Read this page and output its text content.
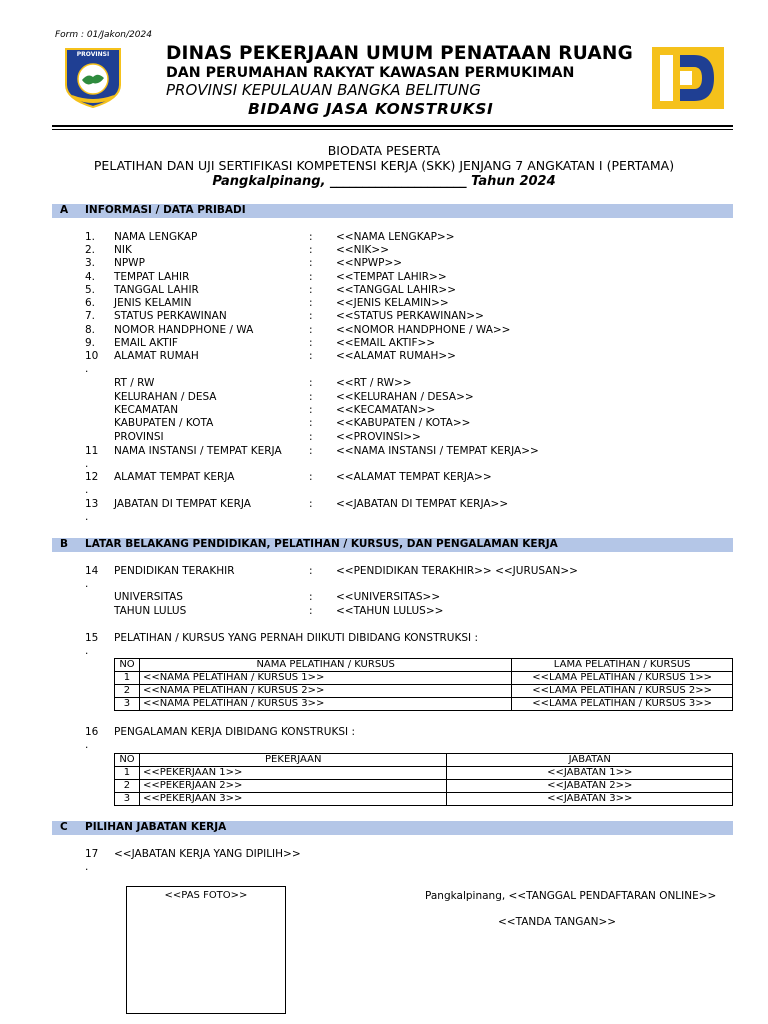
Form : 01/Jakon/2024
PROVINSI	DINAS PEKERJAAN UMUM PENATAAN RUANG
DAN PERUMAHAN RAKYAT KAWASAN PERMUKIMAN
PROVINSI KEPULAUAN BANGKA BELITUNG
BIDANG JASA KONSTRUKSI
BIODATA PESERTA
PELATIHAN DAN UJI SERTIFIKASI KOMPETENSI KERJA (SKK) JENJANG 7 ANGKATAN I (PERTAMA)
Pangkalpinang, _____________________ Tahun 2024
A INFORMASI / DATA PRIBADI
1. NAMA LENGKAP	: <<NAMA LENGKAP>>
2. NIK	: <<NIK>>
3. NPWP	: <<NPWP>>
4. TEMPAT LAHIR	: <<TEMPAT LAHIR>>
5. TANGGAL LAHIR	: <<TANGGAL LAHIR>>
6. JENIS KELAMIN	: <<JENIS KELAMIN>>
7. STATUS PERKAWINAN	: <<STATUS PERKAWINAN>>
8. NOMOR HANDPHONE / WA	: <<NOMOR HANDPHONE / WA>>
9. EMAIL AKTIF	: <<EMAIL AKTIF>>
10
.
ALAMAT RUMAH	: <<ALAMAT RUMAH>>
RT / RW	: <<RT / RW>>
KELURAHAN / DESA	: <<KELURAHAN / DESA>>
KECAMATAN	: <<KECAMATAN>>
KABUPATEN / KOTA	: <<KABUPATEN / KOTA>>
PROVINSI	: <<PROVINSI>>
11
.
NAMA INSTANSI / TEMPAT KERJA	: <<NAMA INSTANSI / TEMPAT KERJA>>
12
.
ALAMAT TEMPAT KERJA	: <<ALAMAT TEMPAT KERJA>>
13
.
JABATAN DI TEMPAT KERJA	: <<JABATAN DI TEMPAT KERJA>>
B LATAR BELAKANG PENDIDIKAN, PELATIHAN / KURSUS, DAN PENGALAMAN KERJA
14
.
PENDIDIKAN TERAKHIR	: <<PENDIDIKAN TERAKHIR>> <<JURUSAN>>
UNIVERSITAS	: <<UNIVERSITAS>>
TAHUN LULUS	: <<TAHUN LULUS>>
15
.
PELATIHAN / KURSUS YANG PERNAH DIIKUTI DIBIDANG KONSTRUKSI :
NO	NAMA PELATIHAN / KURSUS	LAMA PELATIHAN / KURSUS
1	<<NAMA PELATIHAN / KURSUS 1>>	<<LAMA PELATIHAN / KURSUS 1>>
2	<<NAMA PELATIHAN / KURSUS 2>>	<<LAMA PELATIHAN / KURSUS 2>>
3	<<NAMA PELATIHAN / KURSUS 3>>	<<LAMA PELATIHAN / KURSUS 3>>
16
.
PENGALAMAN KERJA DIBIDANG KONSTRUKSI :
NO	PEKERJAAN	JABATAN
1	<<PEKERJAAN 1>>	<<JABATAN 1>>
2	<<PEKERJAAN 2>>	<<JABATAN 2>>
3	<<PEKERJAAN 3>>	<<JABATAN 3>>
C PILIHAN JABATAN KERJA
17
.
<<JABATAN KERJA YANG DIPILIH>>
<<PAS FOTO>>	Pangkalpinang, <<TANGGAL PENDAFTARAN ONLINE>>
<<TANDA TANGAN>>
